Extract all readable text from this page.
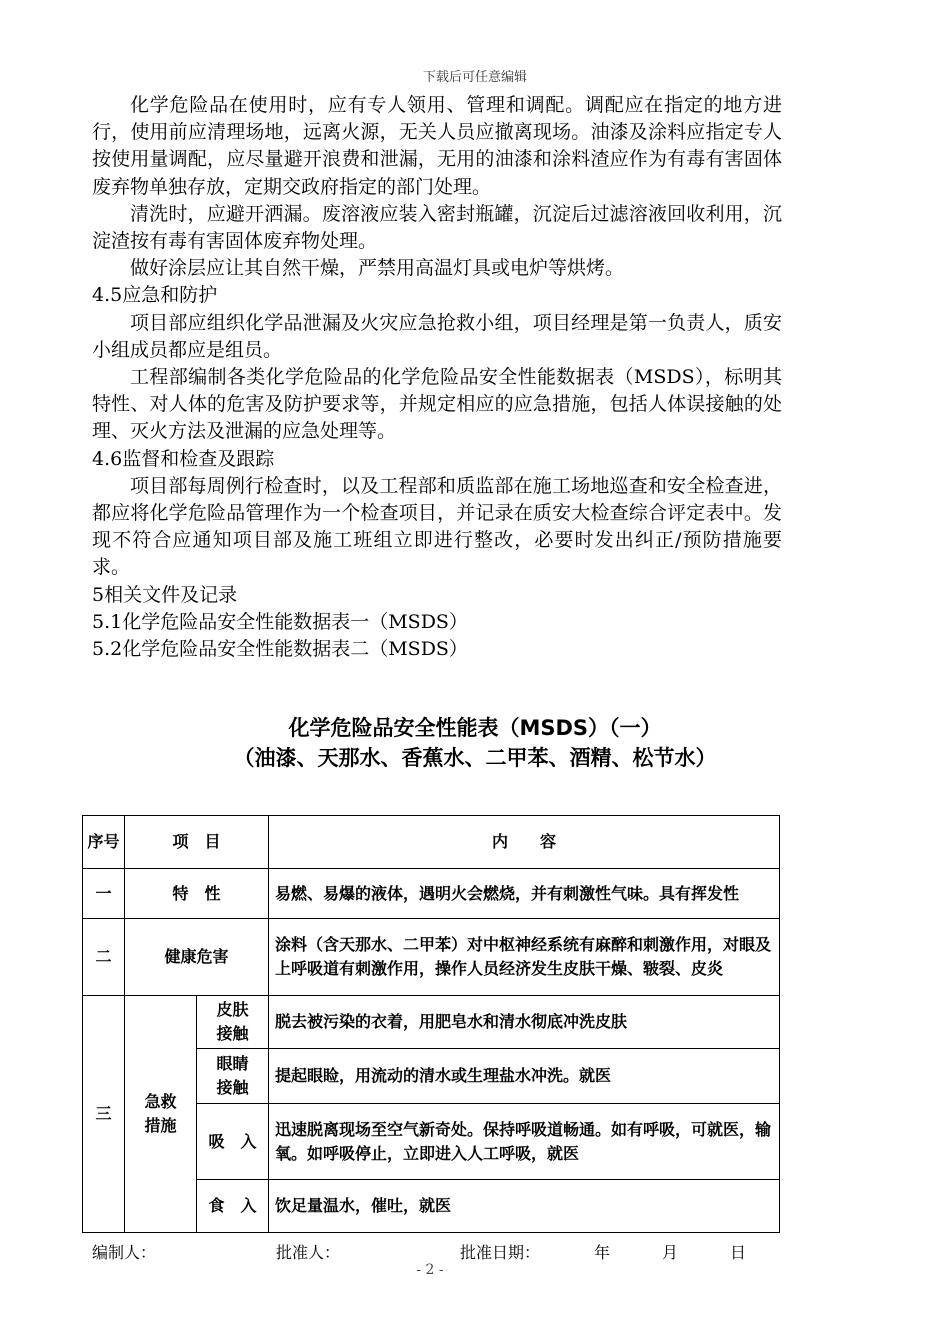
下载后可任意编辑

化学危险品在使用时，应有专人领用、管理和调配。调配应在指定的地方进行，使用前应清理场地，远离火源，无关人员应撤离现场。油漆及涂料应指定专人按使用量调配，应尽量避开浪费和泄漏，无用的油漆和涂料渣应作为有毒有害固体废弃物单独存放，定期交政府指定的部门处理。

清洗时，应避开洒漏。废溶液应装入密封瓶罐，沉淀后过滤溶液回收利用，沉淀渣按有毒有害固体废弃物处理。

做好涂层应让其自然干燥，严禁用高温灯具或电炉等烘烤。

4.5应急和防护

项目部应组织化学品泄漏及火灾应急抢救小组，项目经理是第一负责人，质安小组成员都应是组员。

工程部编制各类化学危险品的化学危险品安全性能数据表（MSDS），标明其特性、对人体的危害及防护要求等，并规定相应的应急措施，包括人体误接触的处理、灭火方法及泄漏的应急处理等。

4.6监督和检查及跟踪

项目部每周例行检查时，以及工程部和质监部在施工场地巡查和安全检查进，都应将化学危险品管理作为一个检查项目，并记录在质安大检查综合评定表中。发现不符合应通知项目部及施工班组立即进行整改，必要时发出纠正/预防措施要求。

5相关文件及记录

5.1化学危险品安全性能数据表一（MSDS）

5.2化学危险品安全性能数据表二（MSDS）

化学危险品安全性能表（MSDS）（一）
（油漆、天那水、香蕉水、二甲苯、酒精、松节水）
序号	项　目		内　　容
一	特　性		易燃、易爆的液体，遇明火会燃烧，并有刺激性气味。具有挥发性
二	健康危害		涂料（含天那水、二甲苯）对中枢神经系统有麻醉和刺激作用，对眼及上呼吸道有刺激作用，操作人员经济发生皮肤干燥、皲裂、皮炎
三	急救措施	皮肤接触	脱去被污染的衣着，用肥皂水和清水彻底冲洗皮肤
		眼睛接触	提起眼睑，用流动的清水或生理盐水冲洗。就医
		吸　入	迅速脱离现场至空气新奇处。保持呼吸道畅通。如有呼吸，可就医，输氧。如呼吸停止，立即进入人工呼吸，就医
		食　入	饮足量温水，催吐，就医
编制人：	批准人：	批准日期：	年	月	日
- 2 -
